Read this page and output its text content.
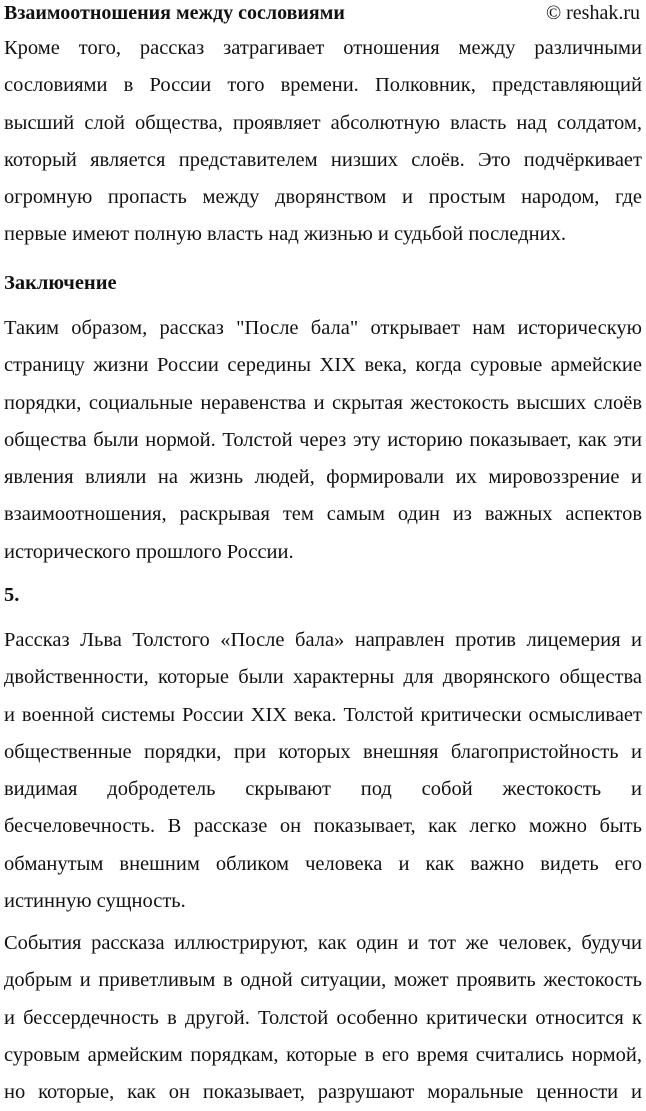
Взаимоотношения между сословиями	© reshak.ru
Кроме того, рассказ затрагивает отношения между различными
сословиями в России того времени. Полковник, представляющий
высший слой общества, проявляет абсолютную власть над солдатом,
который является представителем низших слоёв. Это подчёркивает
огромную пропасть между дворянством и простым народом, где
первые имеют полную власть над жизнью и судьбой последних.
Заключение
Таким образом, рассказ "После бала" открывает нам историческую
страницу жизни России середины XIX века, когда суровые армейские
порядки, социальные неравенства и скрытая жестокость высших слоёв
общества были нормой. Толстой через эту историю показывает, как эти
явления влияли на жизнь людей, формировали их мировоззрение и
взаимоотношения, раскрывая тем самым один из важных аспектов
исторического прошлого России.
5.
Рассказ Льва Толстого «После бала» направлен против лицемерия и
двойственности, которые были характерны для дворянского общества
и военной системы России XIX века. Толстой критически осмысливает
общественные порядки, при которых внешняя благопристойность и
видимая добродетель скрывают под собой жестокость и
бесчеловечность. В рассказе он показывает, как легко можно быть
обманутым внешним обликом человека и как важно видеть его
истинную сущность.
События рассказа иллюстрируют, как один и тот же человек, будучи
добрым и приветливым в одной ситуации, может проявить жестокость
и бессердечность в другой. Толстой особенно критически относится к
суровым армейским порядкам, которые в его время считались нормой,
но которые, как он показывает, разрушают моральные ценности и
